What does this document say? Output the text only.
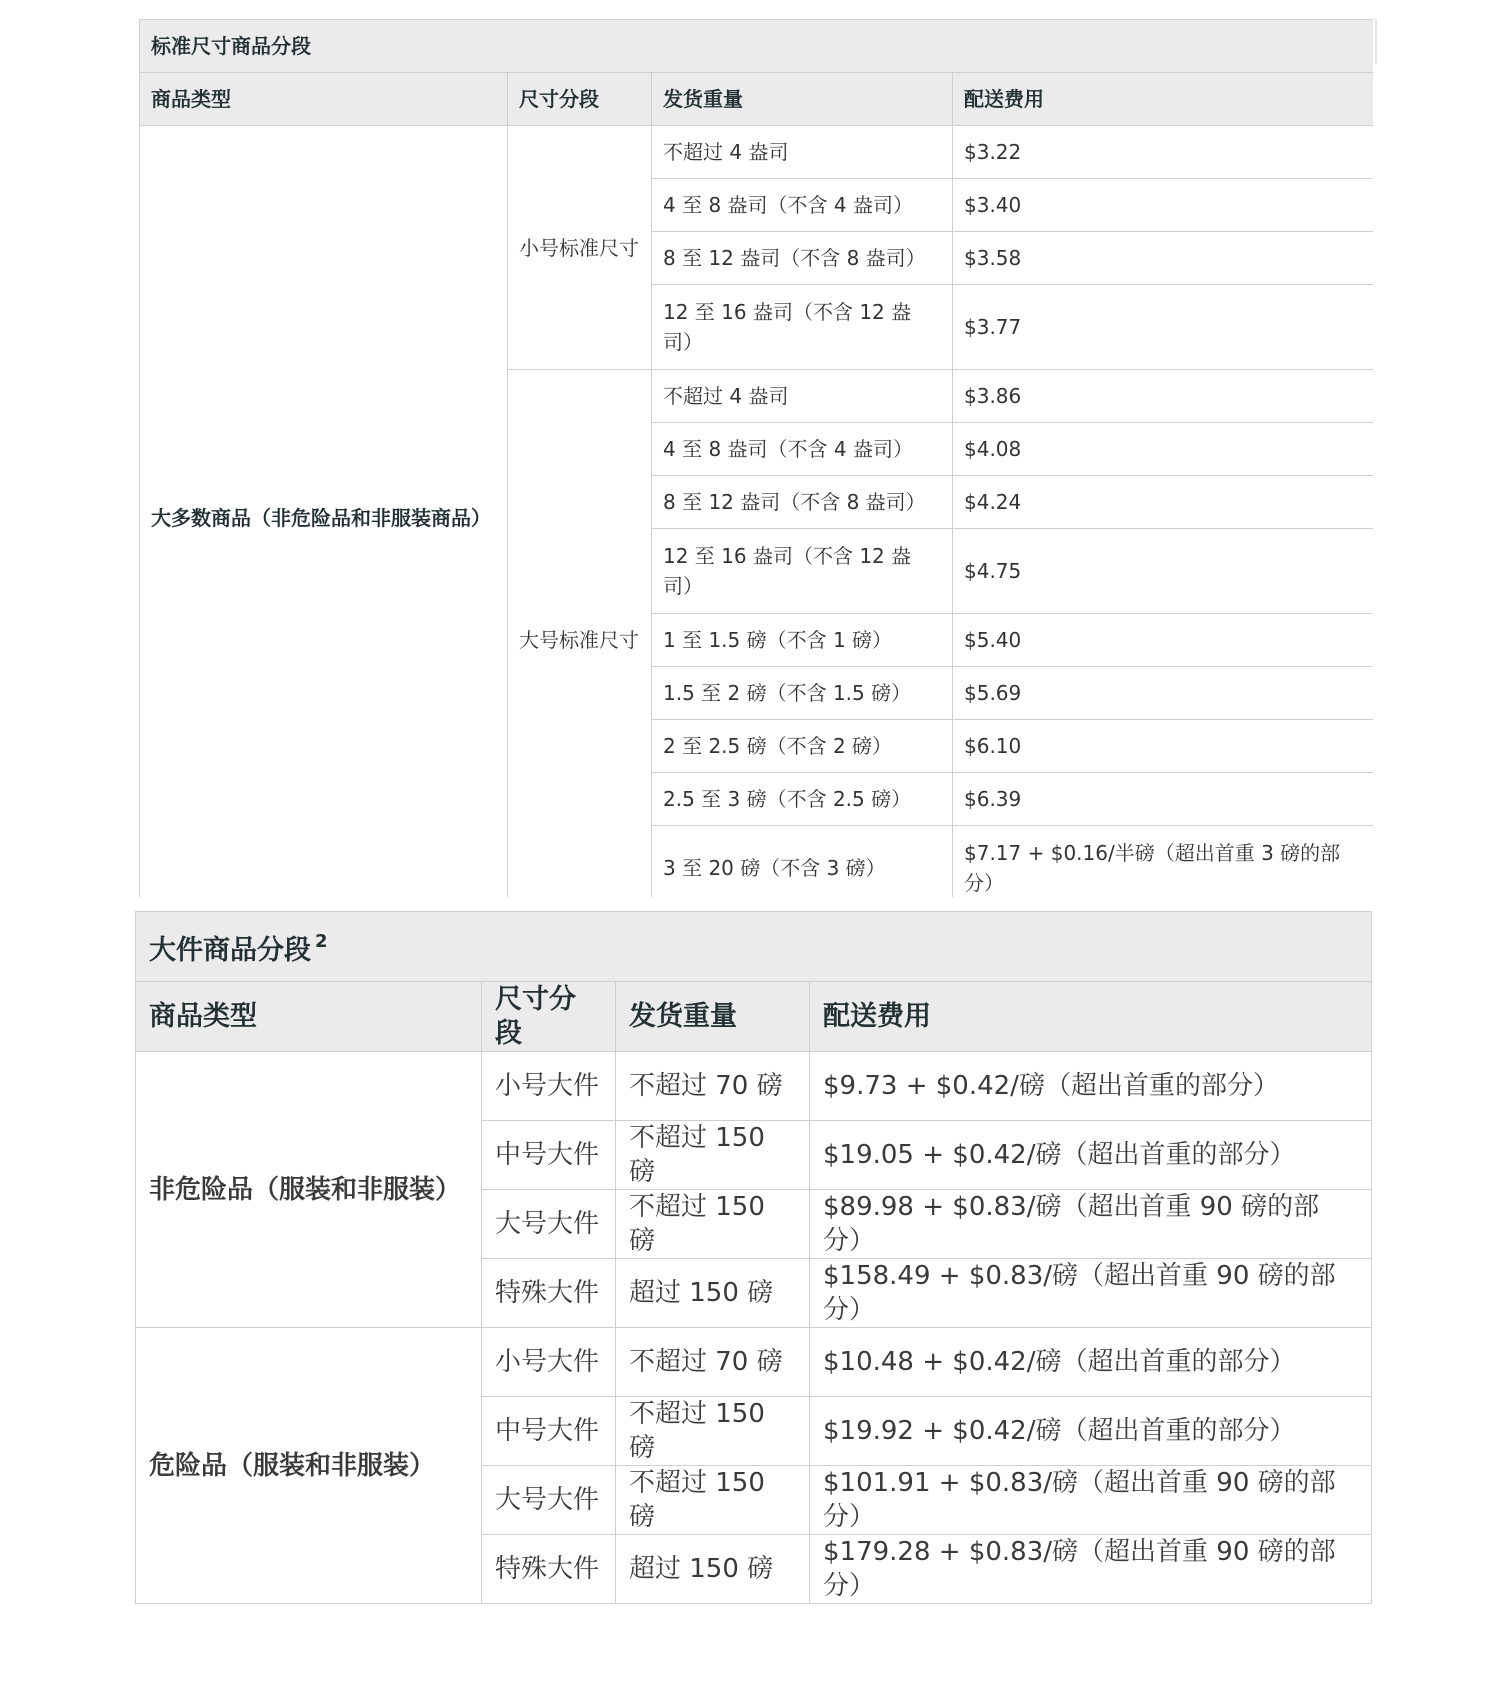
标准尺寸商品分段			
商品类型	尺寸分段	发货重量	配送费用
大多数商品（非危险品和非服装商品）	小号标准尺寸	不超过 4 盎司	$3.22
		4 至 8 盎司（不含 4 盎司）	$3.40
		8 至 12 盎司（不含 8 盎司）	$3.58
		12 至 16 盎司（不含 12 盎司）	$3.77
	大号标准尺寸	不超过 4 盎司	$3.86
		4 至 8 盎司（不含 4 盎司）	$4.08
		8 至 12 盎司（不含 8 盎司）	$4.24
		12 至 16 盎司（不含 12 盎司）	$4.75
		1 至 1.5 磅（不含 1 磅）	$5.40
		1.5 至 2 磅（不含 1.5 磅）	$5.69
		2 至 2.5 磅（不含 2 磅）	$6.10
		2.5 至 3 磅（不含 2.5 磅）	$6.39
		3 至 20 磅（不含 3 磅）	$7.17 + $0.16/半磅（超出首重 3 磅的部分）
大件商品分段 $^2$
商品类型	尺寸分段	发货重量	配送费用
非危险品（服装和非服装）	小号大件	不超过 70 磅	$9.73 + $0.42/磅（超出首重的部分）
	中号大件	不超过 150 磅	$19.05 + $0.42/磅（超出首重的部分）
	大号大件	不超过 150 磅	$89.98 + $0.83/磅（超出首重 90 磅的部分）
	特殊大件	超过 150 磅	$158.49 + $0.83/磅（超出首重 90 磅的部分）
危险品（服装和非服装）	小号大件	不超过 70 磅	$10.48 + $0.42/磅（超出首重的部分）
	中号大件	不超过 150 磅	$19.92 + $0.42/磅（超出首重的部分）
	大号大件	不超过 150 磅	$101.91 + $0.83/磅（超出首重 90 磅的部分）
	特殊大件	超过 150 磅	$179.28 + $0.83/磅（超出首重 90 磅的部分）
